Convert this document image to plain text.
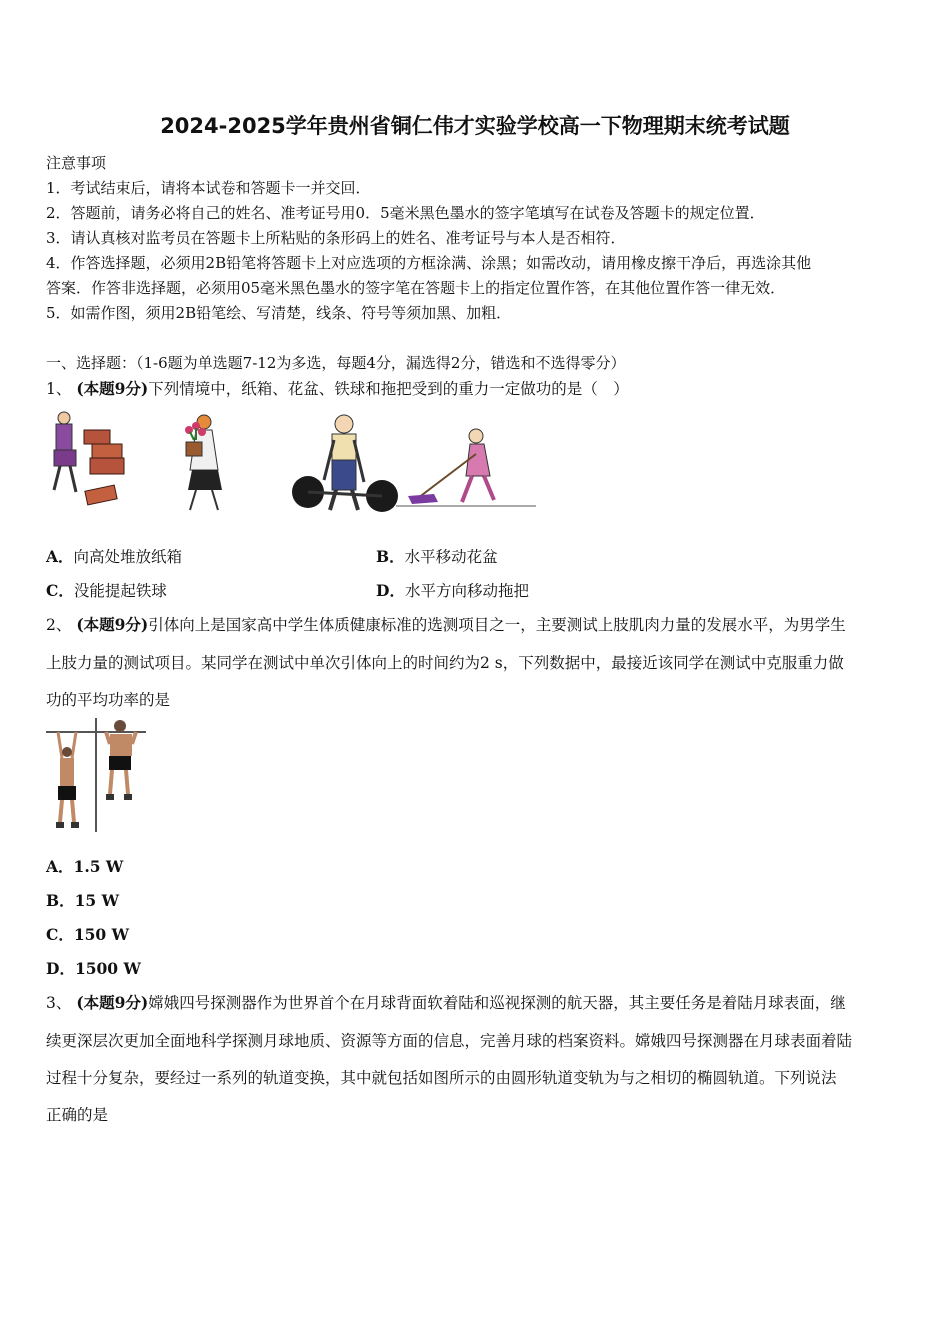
2024-2025学年贵州省铜仁伟才实验学校高一下物理期末统考试题
注意事项
1．考试结束后，请将本试卷和答题卡一并交回．
2．答题前，请务必将自己的姓名、准考证号用0．5毫米黑色墨水的签字笔填写在试卷及答题卡的规定位置．
3．请认真核对监考员在答题卡上所粘贴的条形码上的姓名、准考证号与本人是否相符．
4．作答选择题，必须用2B铅笔将答题卡上对应选项的方框涂满、涂黑；如需改动，请用橡皮擦干净后，再选涂其他
答案．作答非选择题，必须用05毫米黑色墨水的签字笔在答题卡上的指定位置作答，在其他位置作答一律无效．
5．如需作图，须用2B铅笔绘、写清楚，线条、符号等须加黑、加粗．
一、选择题：（1-6题为单选题7-12为多选，每题4分，漏选得2分，错选和不选得零分）
1、 (本题9分)下列情境中，纸箱、花盆、铁球和拖把受到的重力一定做功的是（　）
A．向高处堆放纸箱	B．水平移动花盆
C．没能提起铁球	D．水平方向移动拖把
2、 (本题9分)引体向上是国家高中学生体质健康标准的选测项目之一，主要测试上肢肌肉力量的发展水平，为男学生
上肢力量的测试项目。某同学在测试中单次引体向上的时间约为2 s，下列数据中，最接近该同学在测试中克服重力做
功的平均功率的是
A．1.5 W
B．15 W
C．150 W
D．1500 W
3、 (本题9分)嫦娥四号探测器作为世界首个在月球背面软着陆和巡视探测的航天器，其主要任务是着陆月球表面，继
续更深层次更加全面地科学探测月球地质、资源等方面的信息，完善月球的档案资料。嫦娥四号探测器在月球表面着陆
过程十分复杂，要经过一系列的轨道变换，其中就包括如图所示的由圆形轨道变轨为与之相切的椭圆轨道。下列说法
正确的是
